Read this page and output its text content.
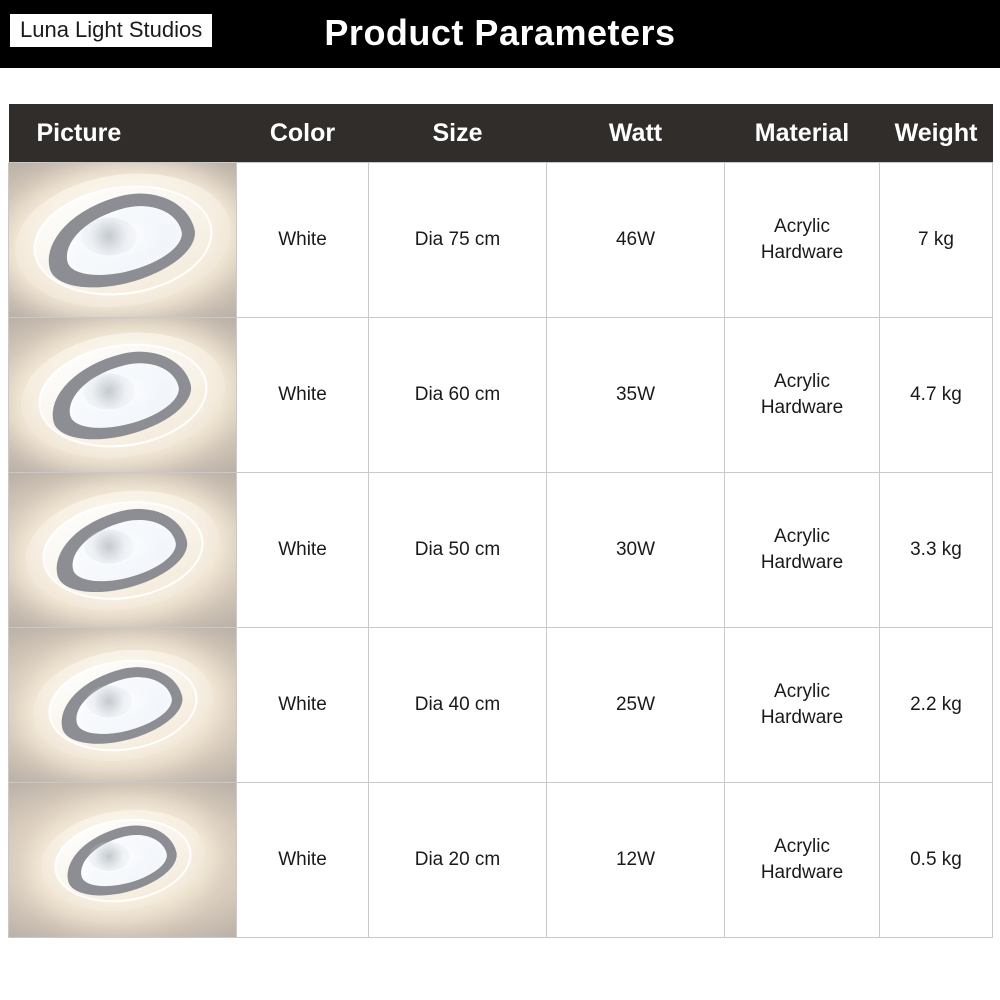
Product Parameters
Luna Light Studios
Picture	Color	Size	Watt	Material	Weight

	White	Dia 75 cm	46W	Acrylic Hardware	7 kg

	White	Dia 60 cm	35W	Acrylic Hardware	4.7 kg

	White	Dia 50 cm	30W	Acrylic Hardware	3.3 kg

	White	Dia 40 cm	25W	Acrylic Hardware	2.2 kg

	White	Dia 20 cm	12W	Acrylic Hardware	0.5 kg
